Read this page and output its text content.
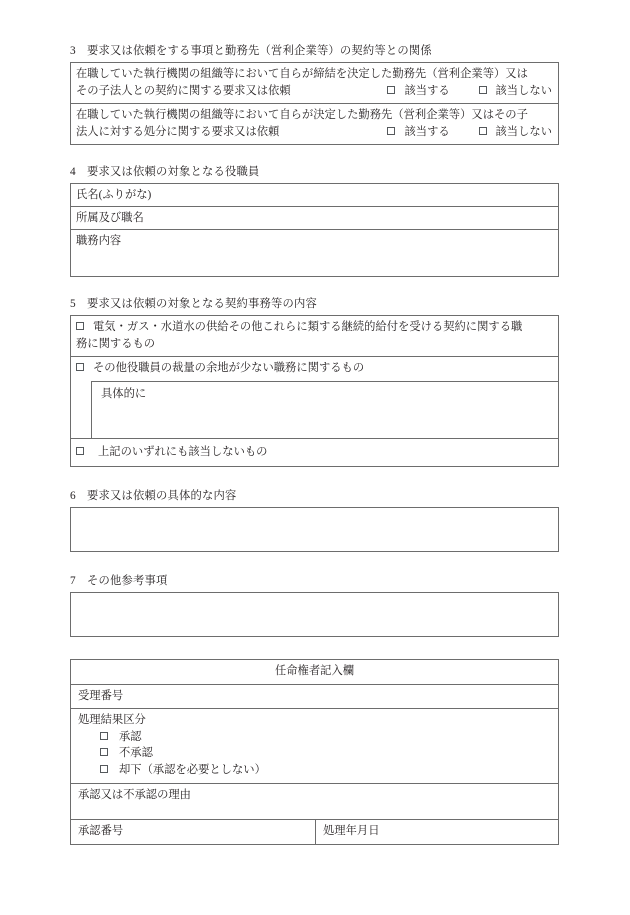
3 要求又は依頼をする事項と勤務先（営利企業等）の契約等との関係
在職していた執行機関の組織等において自らが締結を決定した勤務先（営利企業等）又は
その子法人との契約に関する要求又は依頼	該当する	該当しない
在職していた執行機関の組織等において自らが決定した勤務先（営利企業等）又はその子
法人に対する処分に関する要求又は依頼	該当する	該当しない
4 要求又は依頼の対象となる役職員
氏名(ふりがな)
所属及び職名
職務内容
5 要求又は依頼の対象となる契約事務等の内容
電気・ガス・水道水の供給その他これらに類する継続的給付を受ける契約に関する職
務に関するもの
その他役職員の裁量の余地が少ない職務に関するもの
具体的に
上記のいずれにも該当しないもの
6 要求又は依頼の具体的な内容
7 その他参考事項
任命権者記入欄
受理番号
処理結果区分
承認
不承認
却下（承認を必要としない）
承認又は不承認の理由
承認番号	処理年月日
